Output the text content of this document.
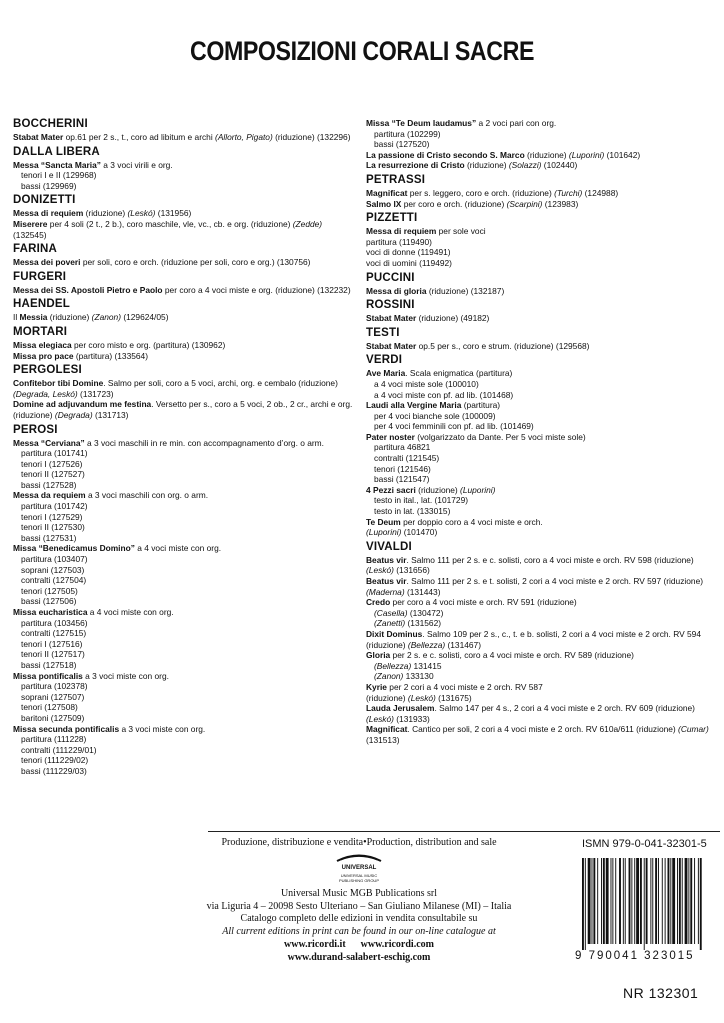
COMPOSIZIONI CORALI SACRE
BOCCHERINI
Stabat Mater op.61 per 2 s., t., coro ad libitum e archi (Allorto, Pigato) (riduzione) (132296)
DALLA LIBERA
Messa “Sancta Maria” a 3 voci virili e org.
tenori I e II (129968)
bassi (129969)
DONIZETTI
Messa di requiem (riduzione) (Leskó) (131956)
Miserere per 4 soli (2 t., 2 b.), coro maschile, vle, vc., cb. e org. (riduzione) (Zedde) (132545)
FARINA
Messa dei poveri per soli, coro e orch. (riduzione per soli, coro e org.) (130756)
FURGERI
Messa dei SS. Apostoli Pietro e Paolo per coro a 4 voci miste e org. (riduzione) (132232)
HAENDEL
Il Messia (riduzione) (Zanon) (129624/05)
MORTARI
Missa elegiaca per coro misto e org. (partitura) (130962)
Missa pro pace (partitura) (133564)
PERGOLESI
Confitebor tibi Domine. Salmo per soli, coro a 5 voci, archi, org. e cembalo (riduzione) (Degrada, Leskó) (131723)
Domine ad adjuvandum me festina. Versetto per s., coro a 5 voci, 2 ob., 2 cr., archi e org. (riduzione) (Degrada) (131713)
PEROSI
Messa “Cerviana” a 3 voci maschili in re min. con accompagnamento d’org. o arm.
partitura (101741)
tenori I (127526)
tenori II (127527)
bassi (127528)
Messa da requiem a 3 voci maschili con org. o arm.
partitura (101742)
tenori I (127529)
tenori II (127530)
bassi (127531)
Missa “Benedicamus Domino” a 4 voci miste con org.
partitura (103407)
soprani (127503)
contralti (127504)
tenori (127505)
bassi (127506)
Missa eucharistica a 4 voci miste con org.
partitura (103456)
contralti (127515)
tenori I (127516)
tenori II (127517)
bassi (127518)
Missa pontificalis a 3 voci miste con org.
partitura (102378)
soprani (127507)
tenori (127508)
baritoni (127509)
Missa secunda pontificalis a 3 voci miste con org.
partitura (111228)
contralti (111229/01)
tenori (111229/02)
bassi (111229/03)
Missa “Te Deum laudamus” a 2 voci pari con org.
partitura (102299)
bassi (127520)
La passione di Cristo secondo S. Marco (riduzione) (Luporini) (101642)
La resurrezione di Cristo (riduzione) (Solazzi) (102440)
PETRASSI
Magnificat per s. leggero, coro e orch. (riduzione) (Turchi) (124988)
Salmo IX per coro e orch. (riduzione) (Scarpini) (123983)
PIZZETTI
Messa di requiem per sole voci
partitura (119490)
voci di donne (119491)
voci di uomini (119492)
PUCCINI
Messa di gloria (riduzione) (132187)
ROSSINI
Stabat Mater (riduzione) (49182)
TESTI
Stabat Mater op.5 per s., coro e strum. (riduzione) (129568)
VERDI
Ave Maria. Scala enigmatica (partitura)
a 4 voci miste sole (100010)
a 4 voci miste con pf. ad lib. (101468)
Laudi alla Vergine Maria (partitura)
per 4 voci bianche sole (100009)
per 4 voci femminili con pf. ad lib. (101469)
Pater noster (volgarizzato da Dante. Per 5 voci miste sole)
partitura 46821
contralti (121545)
tenori (121546)
bassi (121547)
4 Pezzi sacri (riduzione) (Luporini)
testo in ital., lat. (101729)
testo in lat. (133015)
Te Deum per doppio coro a 4 voci miste e orch.
(Luporini) (101470)
VIVALDI
Beatus vir. Salmo 111 per 2 s. e c. solisti, coro a 4 voci miste e orch. RV 598 (riduzione) (Leskó) (131656)
Beatus vir. Salmo 111 per 2 s. e t. solisti, 2 cori a 4 voci miste e 2 orch. RV 597 (riduzione) (Maderna) (131443)
Credo per coro a 4 voci miste e orch. RV 591 (riduzione)
(Casella) (130472)
(Zanetti) (131562)
Dixit Dominus. Salmo 109 per 2 s., c., t. e b. solisti, 2 cori a 4 voci miste e 2 orch. RV 594
(riduzione) (Bellezza) (131467)
Gloria per 2 s. e c. solisti, coro a 4 voci miste e orch. RV 589 (riduzione)
(Bellezza) 131415
(Zanon) 133130
Kyrie per 2 cori a 4 voci miste e 2 orch. RV 587
(riduzione) (Leskó) (131675)
Lauda Jerusalem. Salmo 147 per 4 s., 2 cori a 4 voci miste e 2 orch. RV 609 (riduzione) (Leskó) (131933)
Magnificat. Cantico per soli, 2 cori a 4 voci miste e 2 orch. RV 610a/611 (riduzione) (Cumar) (131513)
Produzione, distribuzione e vendita•Production, distribution and sale
UNIVERSAL
UNIVERSAL MUSIC
PUBLISHING GROUP
Universal Music MGB Publications srl
via Liguria 4 – 20098 Sesto Ulteriano – San Giuliano Milanese (MI) – Italia
Catalogo completo delle edizioni in vendita consultabile su
All current editions in print can be found in our on-line catalogue at
www.ricordi.it www.ricordi.com
www.durand-salabert-eschig.com
ISMN 979-0-041-32301-5
9 790041 323015
NR 132301
